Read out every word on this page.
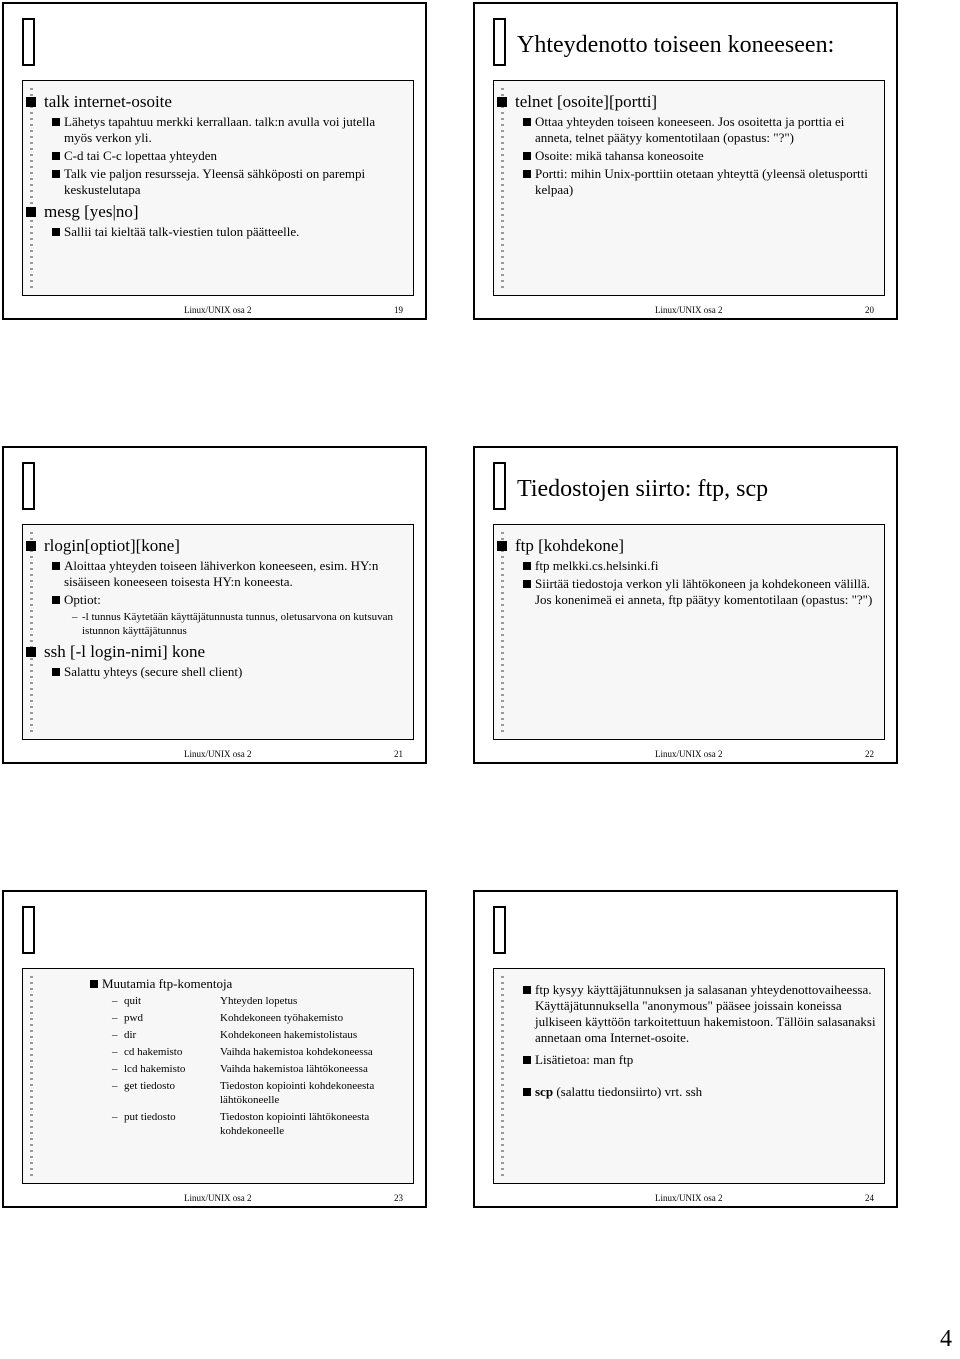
talk internet-osoite
Lähetys tapahtuu merkki kerrallaan. talk:n avulla voi jutella myös verkon yli.
C-d tai C-c lopettaa yhteyden
Talk vie paljon resursseja. Yleensä sähköposti on parempi keskustelutapa
mesg [yes|no]
Sallii tai kieltää talk-viestien tulon päätteelle.
Linux/UNIX osa 2	19
Yhteydenotto toiseen koneeseen:
telnet [osoite][portti]
Ottaa yhteyden toiseen koneeseen. Jos osoitetta ja porttia ei anneta, telnet päätyy komentotilaan (opastus: "?")
Osoite: mikä tahansa koneosoite
Portti: mihin Unix-porttiin otetaan yhteyttä (yleensä oletusportti kelpaa)
Linux/UNIX osa 2	20
rlogin[optiot][kone]
Aloittaa yhteyden toiseen lähiverkon koneeseen, esim. HY:n sisäiseen koneeseen toisesta HY:n koneesta.
Optiot:
– -l tunnus Käytetään käyttäjätunnusta tunnus, oletusarvona on kutsuvan istunnon käyttäjätunnus
ssh [-l login-nimi] kone
Salattu yhteys (secure shell client)
Linux/UNIX osa 2	21
Tiedostojen siirto: ftp, scp
ftp [kohdekone]
ftp melkki.cs.helsinki.fi
Siirtää tiedostoja verkon yli lähtökoneen ja kohdekoneen välillä. Jos konenimeä ei anneta, ftp päätyy komentotilaan (opastus: "?")
Linux/UNIX osa 2	22
Muutamia ftp-komentoja
– quit	Yhteyden lopetus
– pwd	Kohdekoneen työhakemisto
– dir	Kohdekoneen hakemistolistaus
– cd hakemisto	Vaihda hakemistoa kohdekoneessa
– lcd hakemisto	Vaihda hakemistoa lähtökoneessa
– get tiedosto	Tiedoston kopiointi kohdekoneesta lähtökoneelle
– put tiedosto	Tiedoston kopiointi lähtökoneesta kohdekoneelle
Linux/UNIX osa 2	23
ftp kysyy käyttäjätunnuksen ja salasanan yhteydenottovaiheessa. Käyttäjätunnuksella "anonymous" pääsee joissain koneissa julkiseen käyttöön tarkoitettuun hakemistoon. Tällöin salasanaksi annetaan oma Internet-osoite.
Lisätietoa: man ftp
scp (salattu tiedonsiirto) vrt. ssh
Linux/UNIX osa 2	24
4
